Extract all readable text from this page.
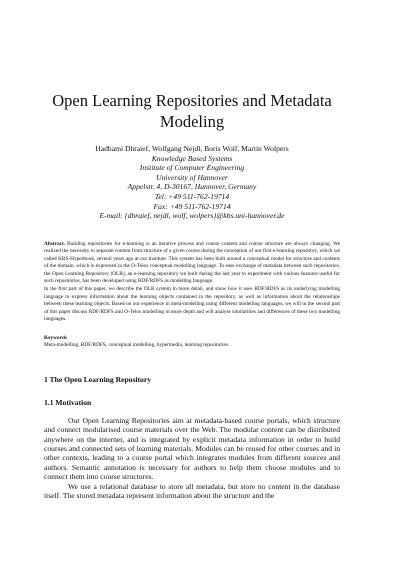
Open Learning Repositories and Metadata
Modeling
Hadhami Dhraief, Wolfgang Nejdl, Boris Wolf, Martin Wolpers
Knowledge Based Systems
Institute of Computer Engineering
University of Hannover
Appelstr. 4, D-30167, Hannover, Germany
Tel: +49 511-762-19714
Fax: +49 511-762-19714
E-mail: {dhraief, nejdl, wolf, wolpers}@kbs.uni-hannover.de

Abstract. Building repositories for e-learning is an iterative process and course content and course structure are always changing. We realized the necessity to separate content from structure of a given course during the conception of our first e-learning repository, which we called KBS-Hyperbook, several years ago at our institute. This system has been built around a conceptual model for structure and contents of the domain, which is expressed in the O-Telos conceptual modelling language. To ease exchange of metadata between such repositories, the Open Learning Repository (OLR), an e-learning repository we built during the last year to experiment with various features useful for such repositories, has been developed using RDF/RDFS as modelling language.

In the first part of this paper, we describe the OLR system in more detail, and show how it uses RDF/RDFS as its underlying modelling language to express information about the learning objects contained in the repository, as well as information about the relationships between these learning objects. Based on our experience in meta-modelling using different modelling languages, we will in the second part of this paper discuss RDF/RDFS and O-Telos modelling in more depth and will analyse similarities and differences of these two modelling languages.

Keywords
Meta-modelling, RDF/RDFS, conceptual modelling, hypermedia, learning repositories.
1 The Open Learning Repository
1.1 Motivation

Our Open Learning Repositories aim at metadata-based course portals, which structure and connect modularised course materials over the Web. The modular content can be distributed anywhere on the internet, and is integrated by explicit metadata information in order to build courses and connected sets of learning materials. Modules can be reused for other courses and in other contexts, leading to a course portal which integrates modules from different sources and authors. Semantic annotation is necessary for authors to help them choose modules and to connect them into course structures.

We use a relational database to store all metadata, but store no content in the database itself. The stored metadata represent information about the structure and the
